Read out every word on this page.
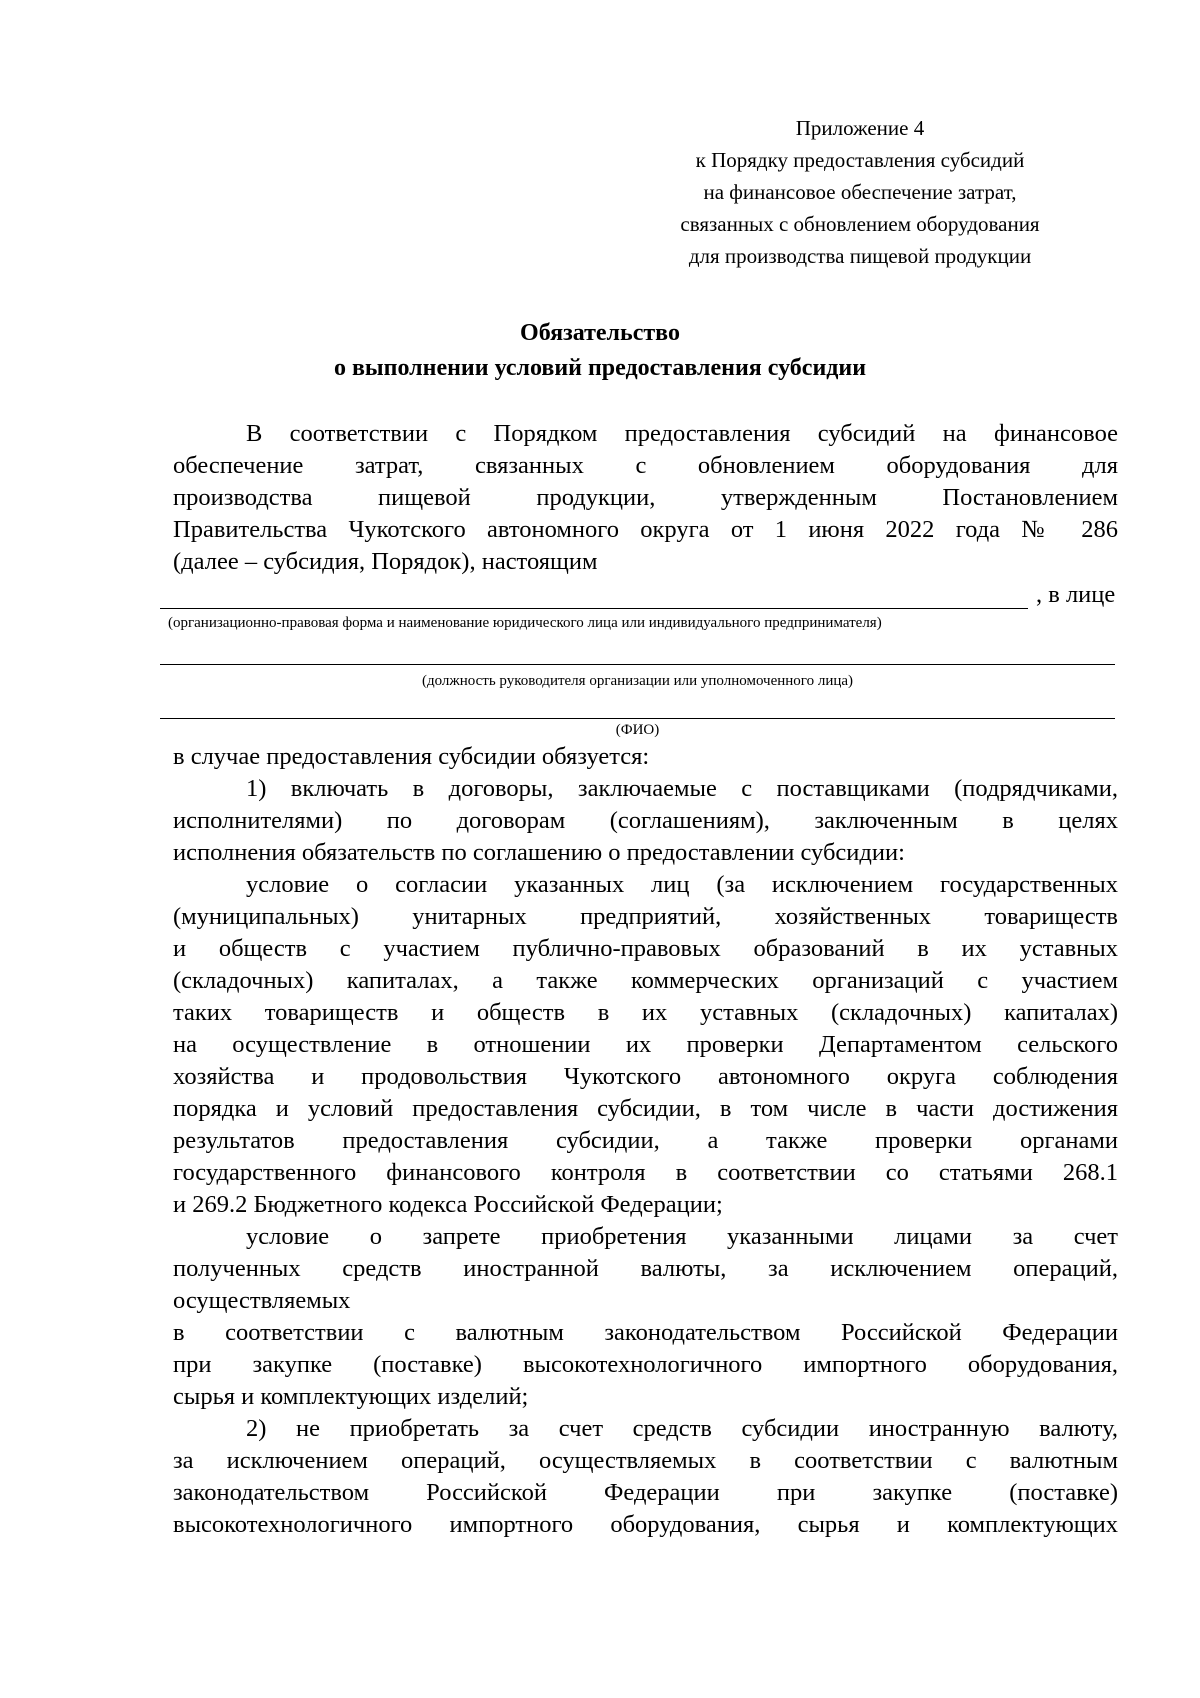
Приложение 4
к Порядку предоставления субсидий
на финансовое обеспечение затрат,
связанных с обновлением оборудования
для производства пищевой продукции
Обязательство
о выполнении условий предоставления субсидии
В соответствии с Порядком предоставления субсидий на финансовое
обеспечение затрат, связанных с обновлением оборудования для
производства пищевой продукции, утвержденным Постановлением
Правительства Чукотского автономного округа от 1 июня 2022 года № 286
(далее – субсидия, Порядок), настоящим
, в лице
(организационно-правовая форма и наименование юридического лица или индивидуального предпринимателя)
(должность руководителя организации или уполномоченного лица)
(ФИО)
в случае предоставления субсидии обязуется:
1) включать в договоры, заключаемые с поставщиками (подрядчиками,
исполнителями) по договорам (соглашениям), заключенным в целях
исполнения обязательств по соглашению о предоставлении субсидии:
условие о согласии указанных лиц (за исключением государственных
(муниципальных) унитарных предприятий, хозяйственных товариществ
и обществ с участием публично-правовых образований в их уставных
(складочных) капиталах, а также коммерческих организаций с участием
таких товариществ и обществ в их уставных (складочных) капиталах)
на осуществление в отношении их проверки Департаментом сельского
хозяйства и продовольствия Чукотского автономного округа соблюдения
порядка и условий предоставления субсидии, в том числе в части достижения
результатов предоставления субсидии, а также проверки органами
государственного финансового контроля в соответствии со статьями 268.1
и 269.2 Бюджетного кодекса Российской Федерации;
условие о запрете приобретения указанными лицами за счет
полученных средств иностранной валюты, за исключением операций,
осуществляемых
в соответствии с валютным законодательством Российской Федерации
при закупке (поставке) высокотехнологичного импортного оборудования,
сырья и комплектующих изделий;
2) не приобретать за счет средств субсидии иностранную валюту,
за исключением операций, осуществляемых в соответствии с валютным
законодательством Российской Федерации при закупке (поставке)
высокотехнологичного импортного оборудования, сырья и комплектующих
